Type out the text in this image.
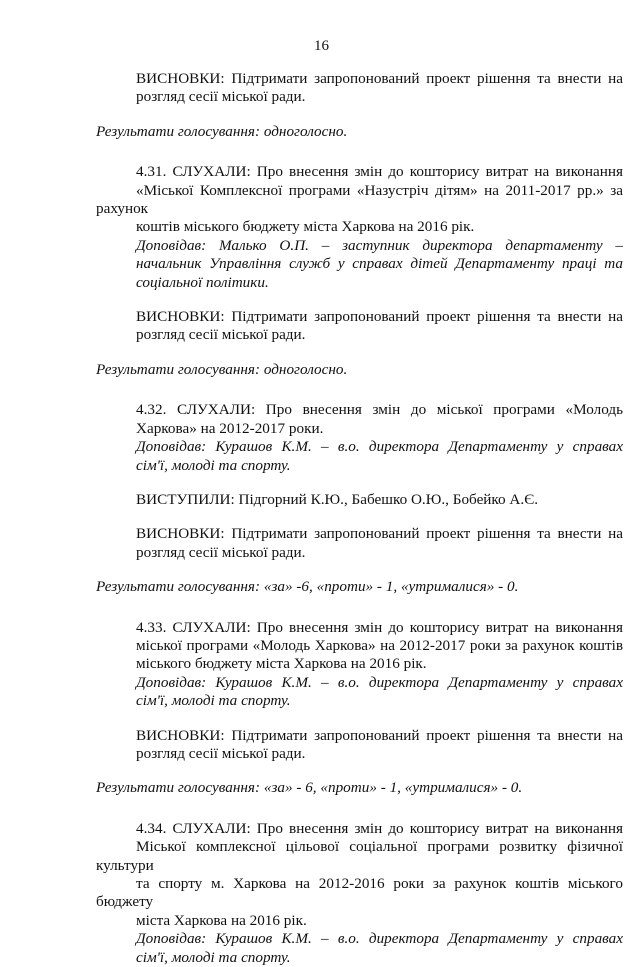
16
ВИСНОВКИ: Підтримати запропонований проект рішення та внести на
розгляд сесії міської ради.
Результати голосування: одноголосно.
4.31. СЛУХАЛИ: Про внесення змін до кошторису витрат на виконання
«Міської Комплексної програми «Назустріч дітям» на 2011-2017 рр.» за рахунок
коштів міського бюджету міста Харкова на 2016 рік.
Доповідав: Малько О.П. – заступник директора департаменту –
начальник Управління служб у справах дітей Департаменту праці та
соціальної політики.
ВИСНОВКИ: Підтримати запропонований проект рішення та внести на
розгляд сесії міської ради.
Результати голосування: одноголосно.
4.32. СЛУХАЛИ: Про внесення змін до міської програми «Молодь
Харкова» на 2012-2017 роки.
Доповідав: Курашов К.М. – в.о. директора Департаменту у справах
сім'ї, молоді та спорту.
ВИСТУПИЛИ: Підгорний К.Ю., Бабешко О.Ю., Бобейко А.Є.
ВИСНОВКИ: Підтримати запропонований проект рішення та внести на
розгляд сесії міської ради.
Результати голосування: «за» -6, «проти» - 1, «утрималися» - 0.
4.33. СЛУХАЛИ: Про внесення змін до кошторису витрат на виконання
міської програми «Молодь Харкова» на 2012-2017 роки за рахунок коштів
міського бюджету міста Харкова на 2016 рік.
Доповідав: Курашов К.М. – в.о. директора Департаменту у справах
сім'ї, молоді та спорту.
ВИСНОВКИ: Підтримати запропонований проект рішення та внести на
розгляд сесії міської ради.
Результати голосування: «за» - 6, «проти» - 1, «утрималися» - 0.
4.34. СЛУХАЛИ: Про внесення змін до кошторису витрат на виконання
Міської комплексної цільової соціальної програми розвитку фізичної культури
та спорту м. Харкова на 2012-2016 роки за рахунок коштів міського бюджету
міста Харкова на 2016 рік.
Доповідав: Курашов К.М. – в.о. директора Департаменту у справах
сім'ї, молоді та спорту.
